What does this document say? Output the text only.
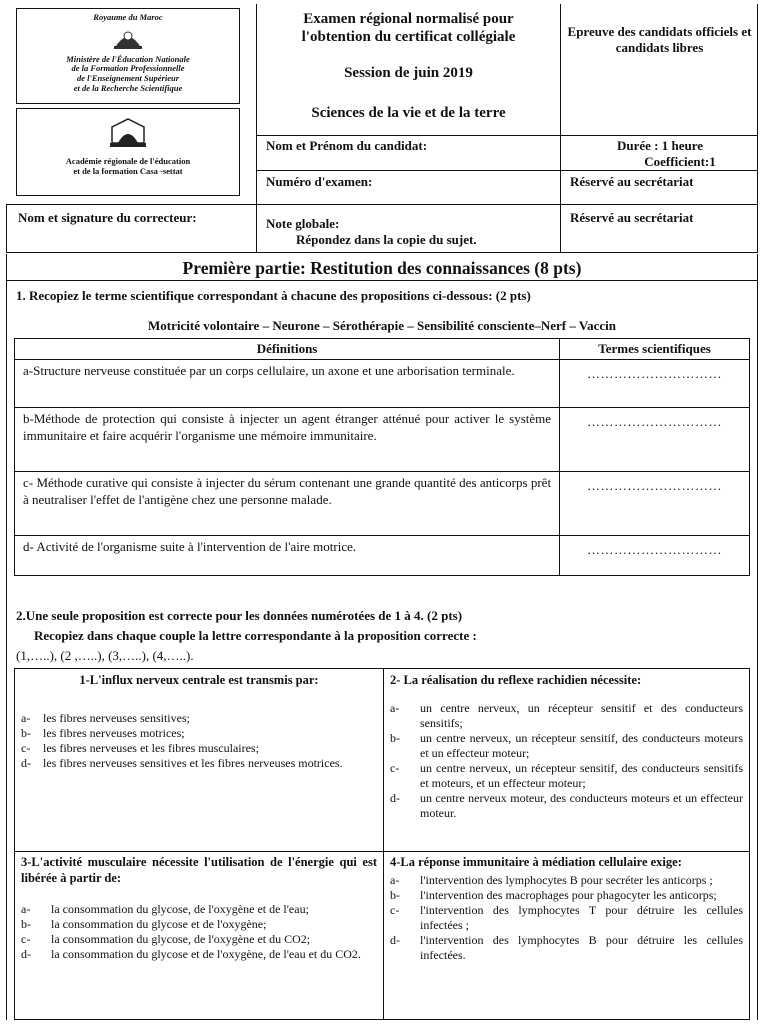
Royaume du Maroc
Ministère de l'Éducation Nationale
de la Formation Professionnelle
de l'Enseignement Supérieur
et de la Recherche Scientifique
Académie régionale de l'éducation
et de la formation Casa -settat
Examen régional normalisé pour
l'obtention du certificat collégiale
Session de juin 2019
Sciences de la vie et de la terre
Epreuve des candidats officiels et candidats libres
Nom et Prénom du candidat:	Durée : 1 heure
Coefficient:1
Numéro d'examen:	Réservé au secrétariat
Nom et signature du correcteur:	Note globale:
Répondez dans la copie du sujet.
Réservé au secrétariat
Première partie: Restitution des connaissances (8 pts)
1. Recopiez le terme scientifique correspondant à chacune des propositions ci-dessous: (2 pts)
Motricité volontaire – Neurone – Sérothérapie – Sensibilité consciente–Nerf – Vaccin
Définitions	Termes scientifiques
a-Structure nerveuse constituée par un corps cellulaire, un axone et une arborisation terminale.	…………………………
b-Méthode de protection qui consiste à injecter un agent étranger atténué pour activer le système immunitaire et faire acquérir l'organisme une mémoire immunitaire.	…………………………
c- Méthode curative qui consiste à injecter du sérum contenant une grande quantité des anticorps prêt à neutraliser l'effet de l'antigène chez une personne malade.	…………………………
d- Activité de l'organisme suite à l'intervention de l'aire motrice.	…………………………
2.Une seule proposition est correcte pour les données numérotées de 1 à 4. (2 pts)
Recopiez dans chaque couple la lettre correspondante à la proposition correcte :
(1,…..), (2 ,…..), (3,…..), (4,…..).
1-L'influx nerveux centrale est transmis par:
a-	les fibres nerveuses sensitives;
b-	les fibres nerveuses motrices;
c-	les fibres nerveuses et les fibres musculaires;
d-	les fibres nerveuses sensitives et les fibres nerveuses motrices.
2- La réalisation du reflexe rachidien nécessite:
a-	un centre nerveux, un récepteur sensitif et des conducteurs sensitifs;
b-	un centre nerveux, un récepteur sensitif, des conducteurs moteurs et un effecteur moteur;
c-	un centre nerveux, un récepteur sensitif, des conducteurs sensitifs et moteurs, et un effecteur moteur;
d-	un centre nerveux moteur, des conducteurs moteurs et un effecteur moteur.
3-L'activité musculaire nécessite l'utilisation de l'énergie qui est libérée à partir de:
a-	la consommation du glycose, de l'oxygène et de l'eau;
b-	la consommation du glycose et de l'oxygène;
c-	la consommation du glycose, de l'oxygène et du CO2;
d-	la consommation du glycose et de l'oxygène, de l'eau et du CO2.
4-La réponse immunitaire à médiation cellulaire exige:
a-	l'intervention des lymphocytes B pour secréter les anticorps ;
b-	l'intervention des macrophages pour phagocyter les anticorps;
c-	l'intervention des lymphocytes T pour détruire les cellules infectées ;
d-	l'intervention des lymphocytes B pour détruire les cellules infectées.
